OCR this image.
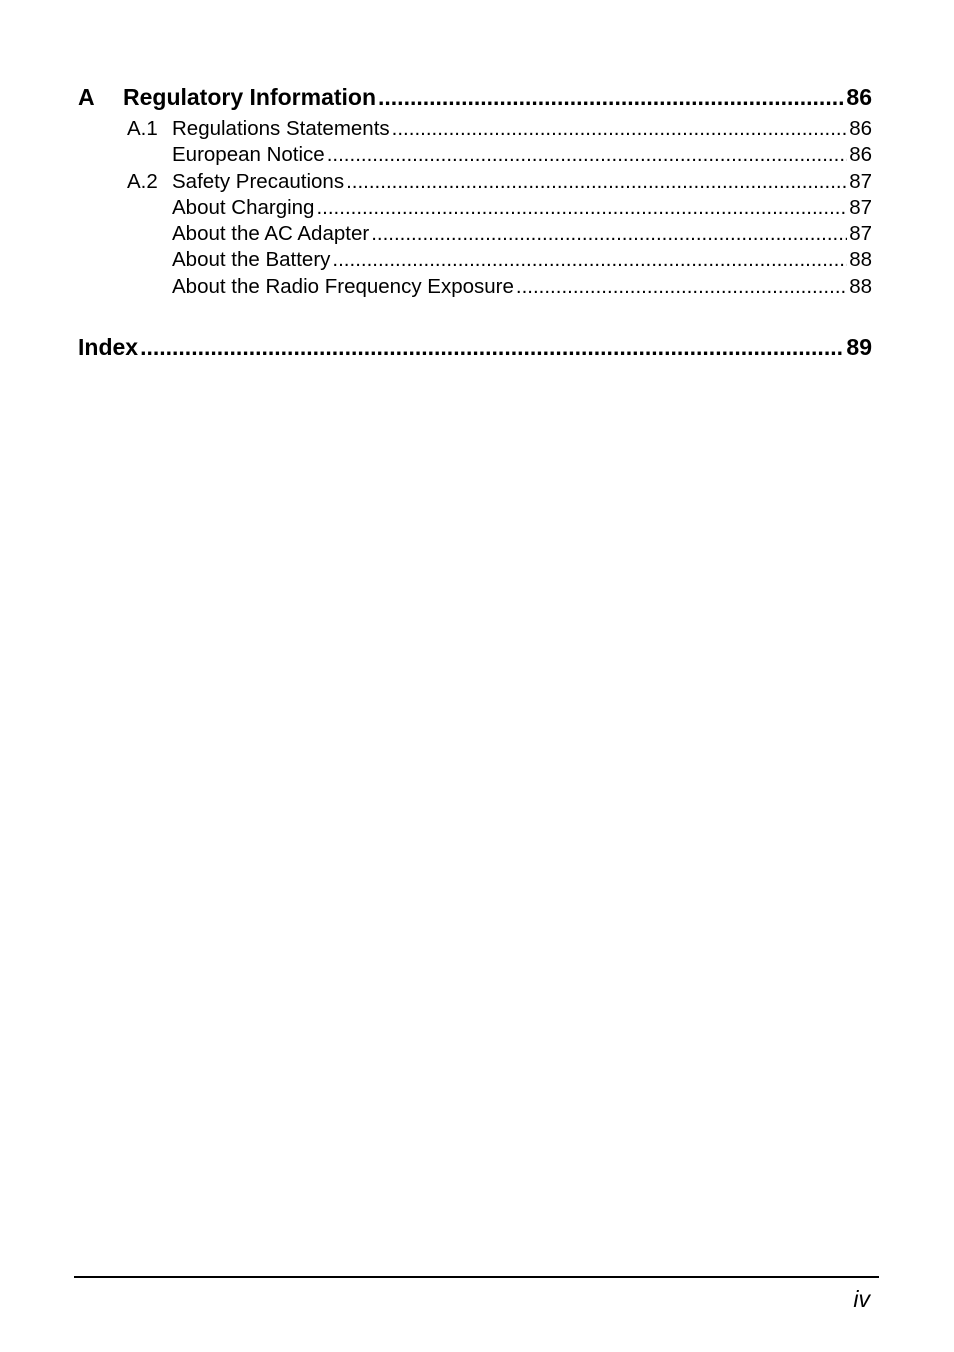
A	Regulatory Information .....	86
A.1 Regulations Statements .....	86
European Notice .....	86
A.2 Safety Precautions .....	87
About Charging .....	87
About the AC Adapter .....	87
About the Battery .....	88
About the Radio Frequency Exposure .....	88
Index .....	89
iv
